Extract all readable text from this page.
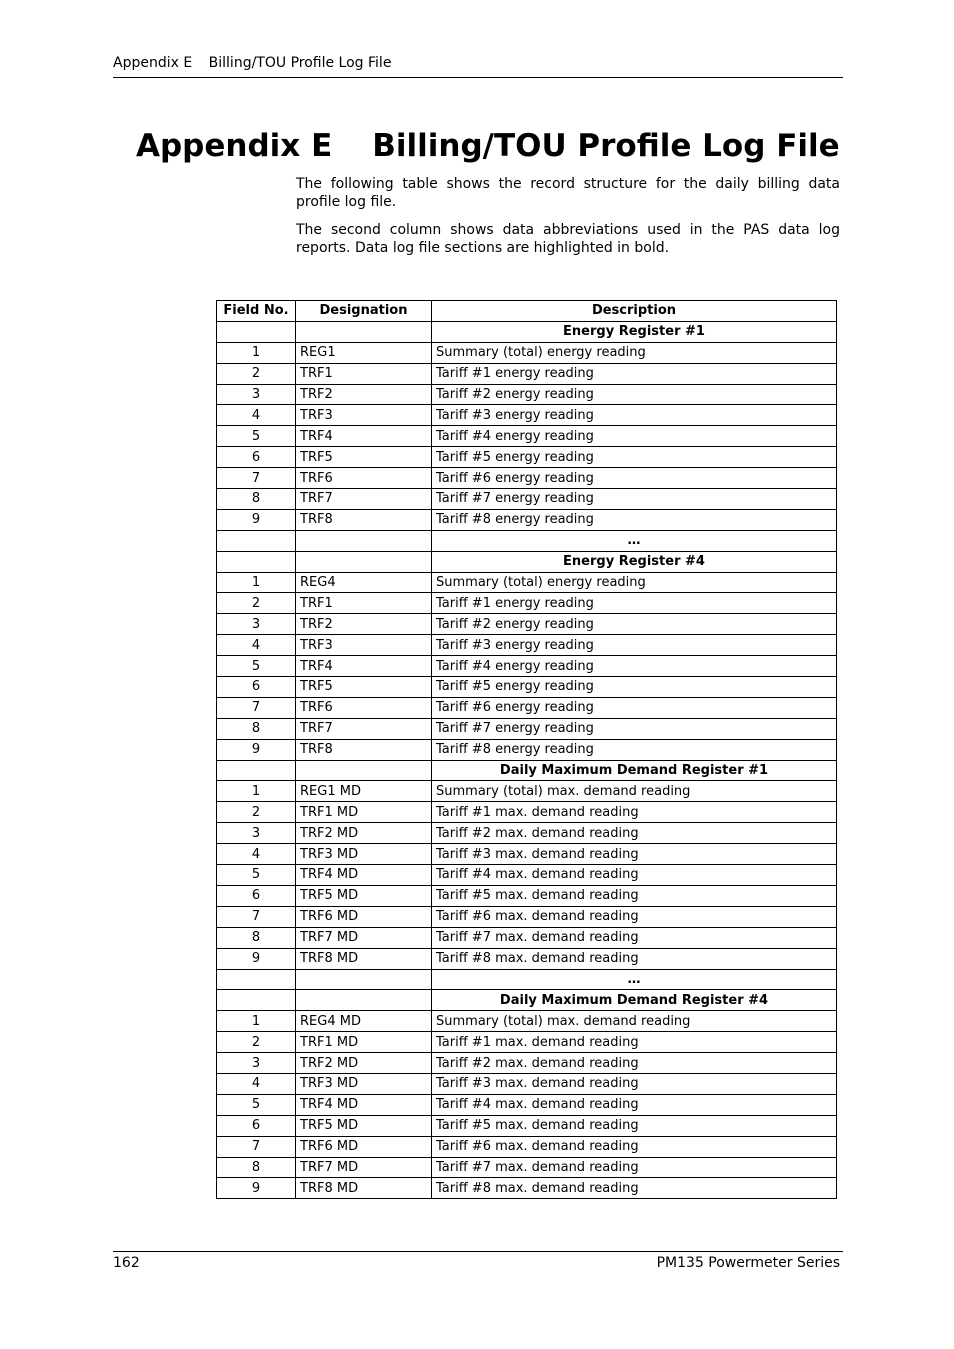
Appendix E Billing/TOU Profile Log File
Appendix E Billing/TOU Profile Log File

The following table shows the record structure for the daily billing data profile log file.

The second column shows data abbreviations used in the PAS data log reports. Data log file sections are highlighted in bold.

Field No.	Designation	Description
		Energy Register #1
1	REG1	Summary (total) energy reading
2	TRF1	Tariff #1 energy reading
3	TRF2	Tariff #2 energy reading
4	TRF3	Tariff #3 energy reading
5	TRF4	Tariff #4 energy reading
6	TRF5	Tariff #5 energy reading
7	TRF6	Tariff #6 energy reading
8	TRF7	Tariff #7 energy reading
9	TRF8	Tariff #8 energy reading
		…
		Energy Register #4
1	REG4	Summary (total) energy reading
2	TRF1	Tariff #1 energy reading
3	TRF2	Tariff #2 energy reading
4	TRF3	Tariff #3 energy reading
5	TRF4	Tariff #4 energy reading
6	TRF5	Tariff #5 energy reading
7	TRF6	Tariff #6 energy reading
8	TRF7	Tariff #7 energy reading
9	TRF8	Tariff #8 energy reading
		Daily Maximum Demand Register #1
1	REG1 MD	Summary (total) max. demand reading
2	TRF1 MD	Tariff #1 max. demand reading
3	TRF2 MD	Tariff #2 max. demand reading
4	TRF3 MD	Tariff #3 max. demand reading
5	TRF4 MD	Tariff #4 max. demand reading
6	TRF5 MD	Tariff #5 max. demand reading
7	TRF6 MD	Tariff #6 max. demand reading
8	TRF7 MD	Tariff #7 max. demand reading
9	TRF8 MD	Tariff #8 max. demand reading
		…
		Daily Maximum Demand Register #4
1	REG4 MD	Summary (total) max. demand reading
2	TRF1 MD	Tariff #1 max. demand reading
3	TRF2 MD	Tariff #2 max. demand reading
4	TRF3 MD	Tariff #3 max. demand reading
5	TRF4 MD	Tariff #4 max. demand reading
6	TRF5 MD	Tariff #5 max. demand reading
7	TRF6 MD	Tariff #6 max. demand reading
8	TRF7 MD	Tariff #7 max. demand reading
9	TRF8 MD	Tariff #8 max. demand reading
162	PM135 Powermeter Series
